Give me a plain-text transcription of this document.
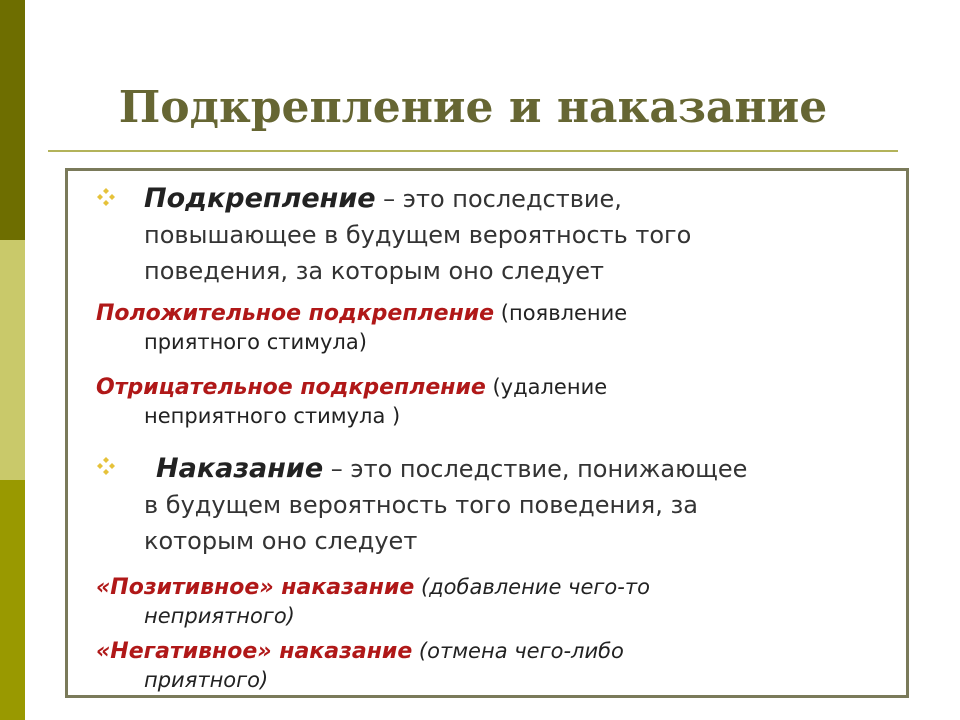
Подкрепление и наказание
Подкрепление – это последствие,
повышающее в будущем вероятность того
поведения, за которым оно следует
Положительное подкрепление (появление
приятного стимула)
Отрицательное подкрепление (удаление
неприятного стимула )
Наказание – это последствие, понижающее
в будущем вероятность того поведения, за
которым оно следует
«Позитивное» наказание (добавление чего-то
неприятного)
«Негативное» наказание (отмена чего-либо
приятного)
